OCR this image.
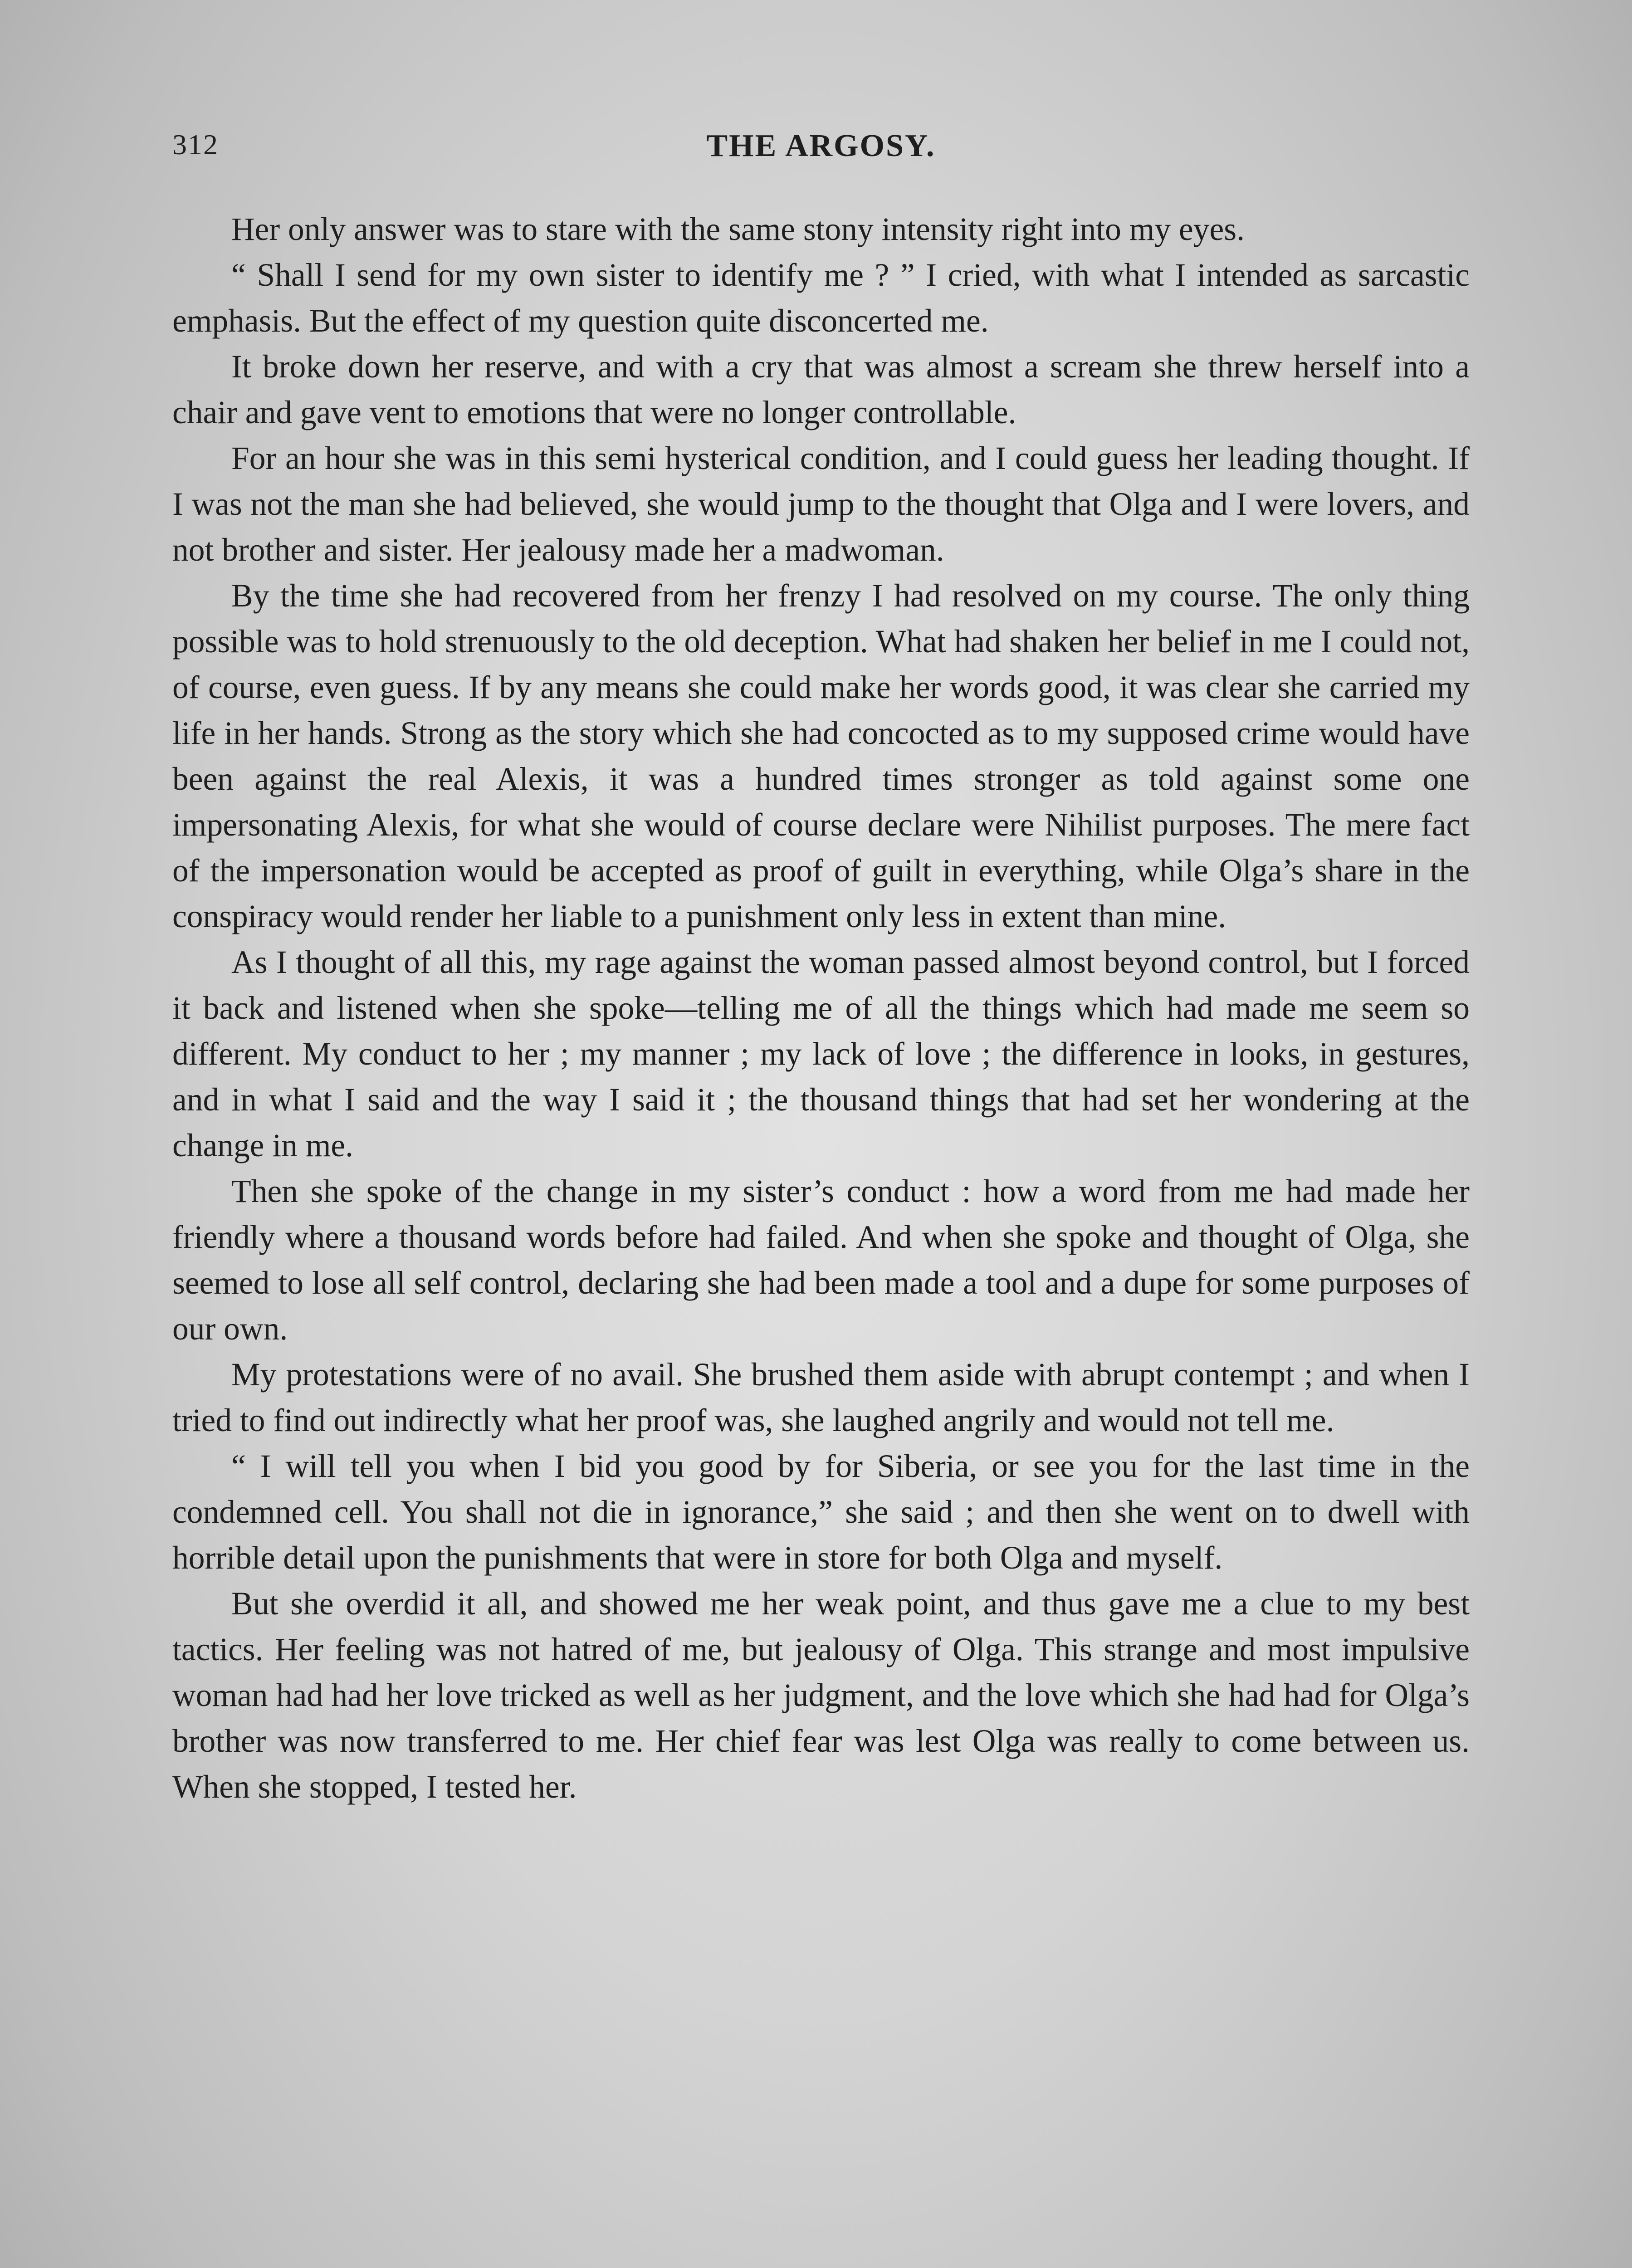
312	THE ARGOSY.

Her only answer was to stare with the same stony intensity right into my eyes.

“ Shall I send for my own sister to identify me ? ” I cried, with what I intended as sarcastic emphasis. But the effect of my question quite disconcerted me.

It broke down her reserve, and with a cry that was almost a scream she threw herself into a chair and gave vent to emotions that were no longer controllable.

For an hour she was in this semi hysterical condition, and I could guess her leading thought. If I was not the man she had believed, she would jump to the thought that Olga and I were lovers, and not brother and sister. Her jealousy made her a madwoman.

By the time she had recovered from her frenzy I had resolved on my course. The only thing possible was to hold strenuously to the old deception. What had shaken her belief in me I could not, of course, even guess. If by any means she could make her words good, it was clear she carried my life in her hands. Strong as the story which she had concocted as to my supposed crime would have been against the real Alexis, it was a hundred times stronger as told against some one impersonating Alexis, for what she would of course declare were Nihilist purposes. The mere fact of the impersonation would be accepted as proof of guilt in everything, while Olga’s share in the conspiracy would render her liable to a punishment only less in extent than mine.

As I thought of all this, my rage against the woman passed almost beyond control, but I forced it back and listened when she spoke—telling me of all the things which had made me seem so different. My conduct to her ; my manner ; my lack of love ; the difference in looks, in gestures, and in what I said and the way I said it ; the thousand things that had set her wondering at the change in me.

Then she spoke of the change in my sister’s conduct : how a word from me had made her friendly where a thousand words before had failed. And when she spoke and thought of Olga, she seemed to lose all self control, declaring she had been made a tool and a dupe for some purposes of our own.

My protestations were of no avail. She brushed them aside with abrupt contempt ; and when I tried to find out indirectly what her proof was, she laughed angrily and would not tell me.

“ I will tell you when I bid you good by for Siberia, or see you for the last time in the condemned cell. You shall not die in ignorance,” she said ; and then she went on to dwell with horrible detail upon the punishments that were in store for both Olga and myself.

But she overdid it all, and showed me her weak point, and thus gave me a clue to my best tactics. Her feeling was not hatred of me, but jealousy of Olga. This strange and most impulsive woman had had her love tricked as well as her judgment, and the love which she had had for Olga’s brother was now transferred to me. Her chief fear was lest Olga was really to come between us. When she stopped, I tested her.
